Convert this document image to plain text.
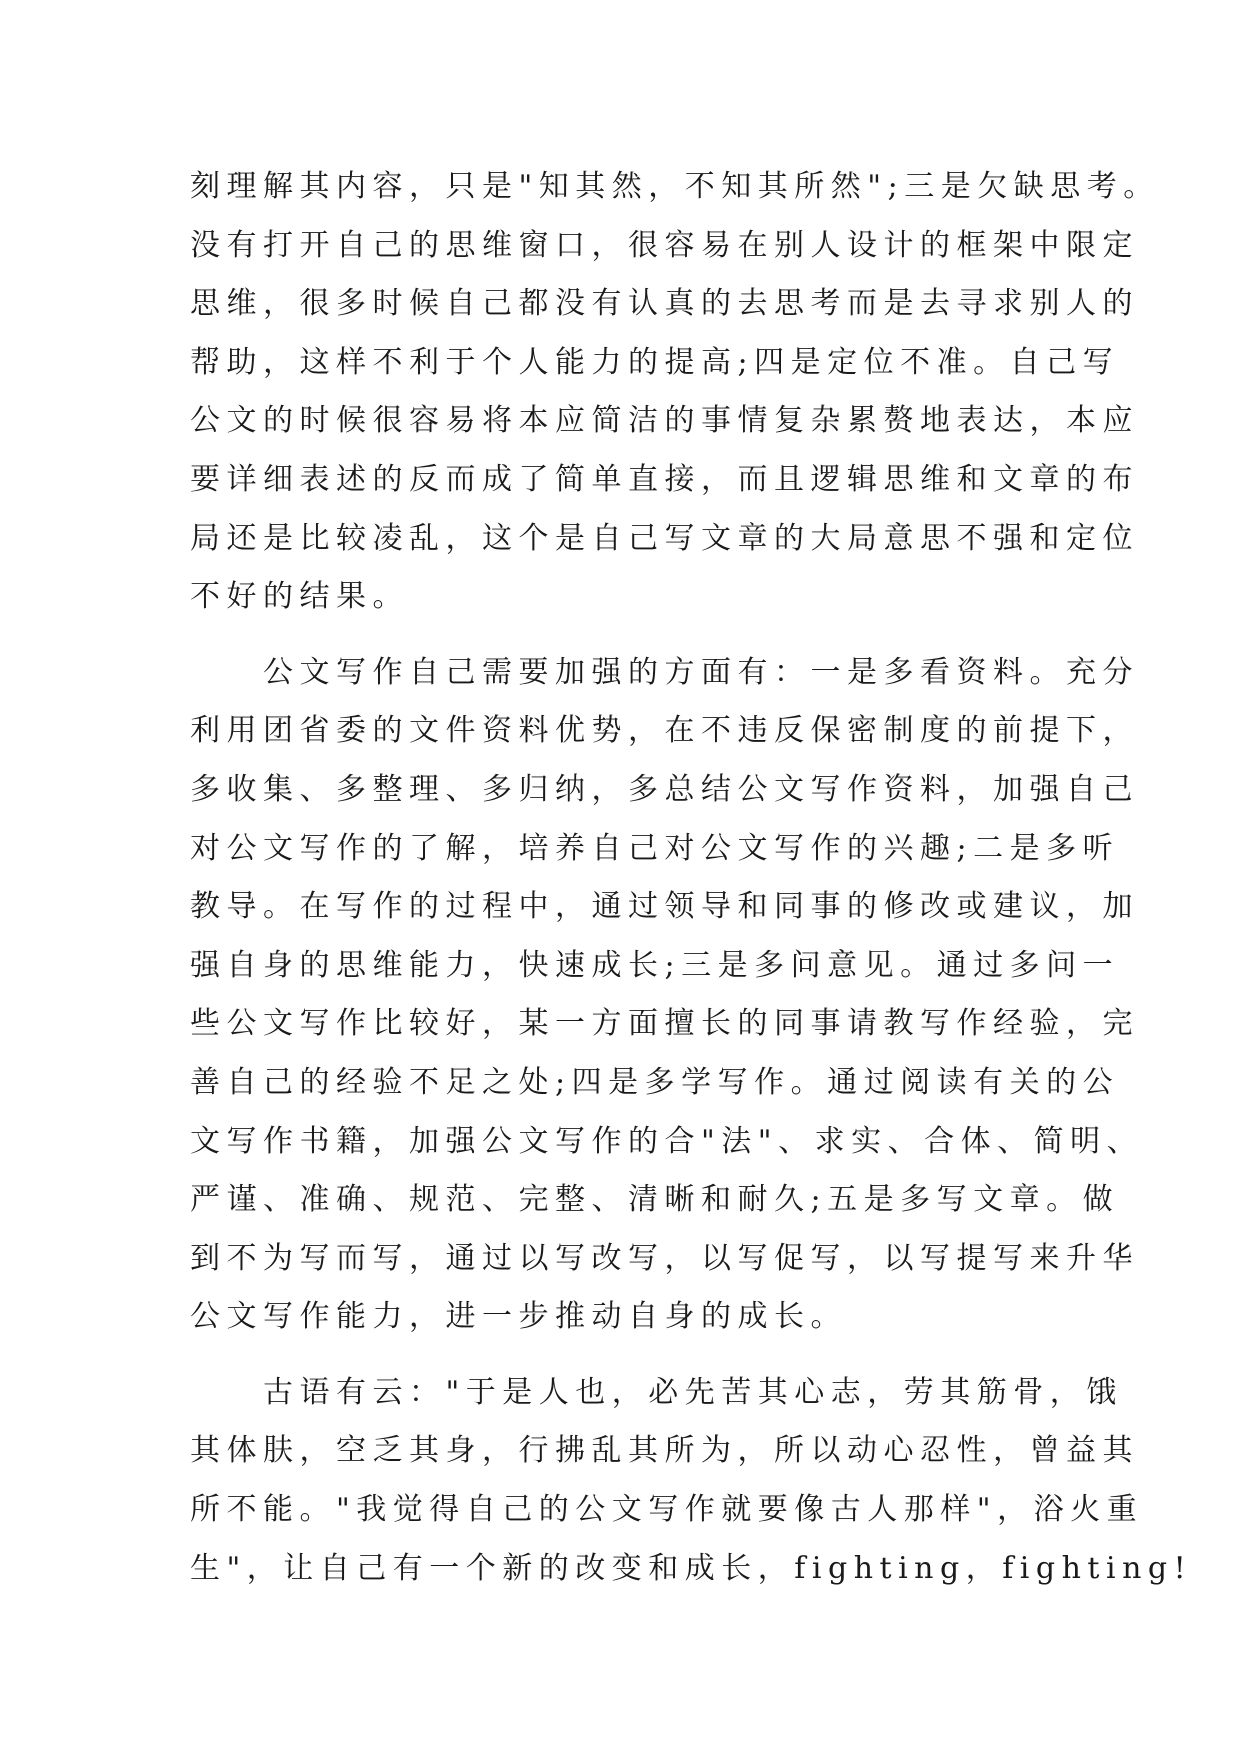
刻理解其内容，只是"知其然，不知其所然";三是欠缺思考。
没有打开自己的思维窗口，很容易在别人设计的框架中限定
思维，很多时候自己都没有认真的去思考而是去寻求别人的
帮助，这样不利于个人能力的提高;四是定位不准。自己写
公文的时候很容易将本应简洁的事情复杂累赘地表达，本应
要详细表述的反而成了简单直接，而且逻辑思维和文章的布
局还是比较凌乱，这个是自己写文章的大局意思不强和定位
不好的结果。
　　公文写作自己需要加强的方面有：一是多看资料。充分
利用团省委的文件资料优势，在不违反保密制度的前提下，
多收集、多整理、多归纳，多总结公文写作资料，加强自己
对公文写作的了解，培养自己对公文写作的兴趣;二是多听
教导。在写作的过程中，通过领导和同事的修改或建议，加
强自身的思维能力，快速成长;三是多问意见。通过多问一
些公文写作比较好，某一方面擅长的同事请教写作经验，完
善自己的经验不足之处;四是多学写作。通过阅读有关的公
文写作书籍，加强公文写作的合"法"、求实、合体、简明、
严谨、准确、规范、完整、清晰和耐久;五是多写文章。做
到不为写而写，通过以写改写，以写促写，以写提写来升华
公文写作能力，进一步推动自身的成长。
　　古语有云："于是人也，必先苦其心志，劳其筋骨，饿
其体肤，空乏其身，行拂乱其所为，所以动心忍性，曾益其
所不能。"我觉得自己的公文写作就要像古人那样"，浴火重
生"，让自己有一个新的改变和成长，fighting，fighting!
